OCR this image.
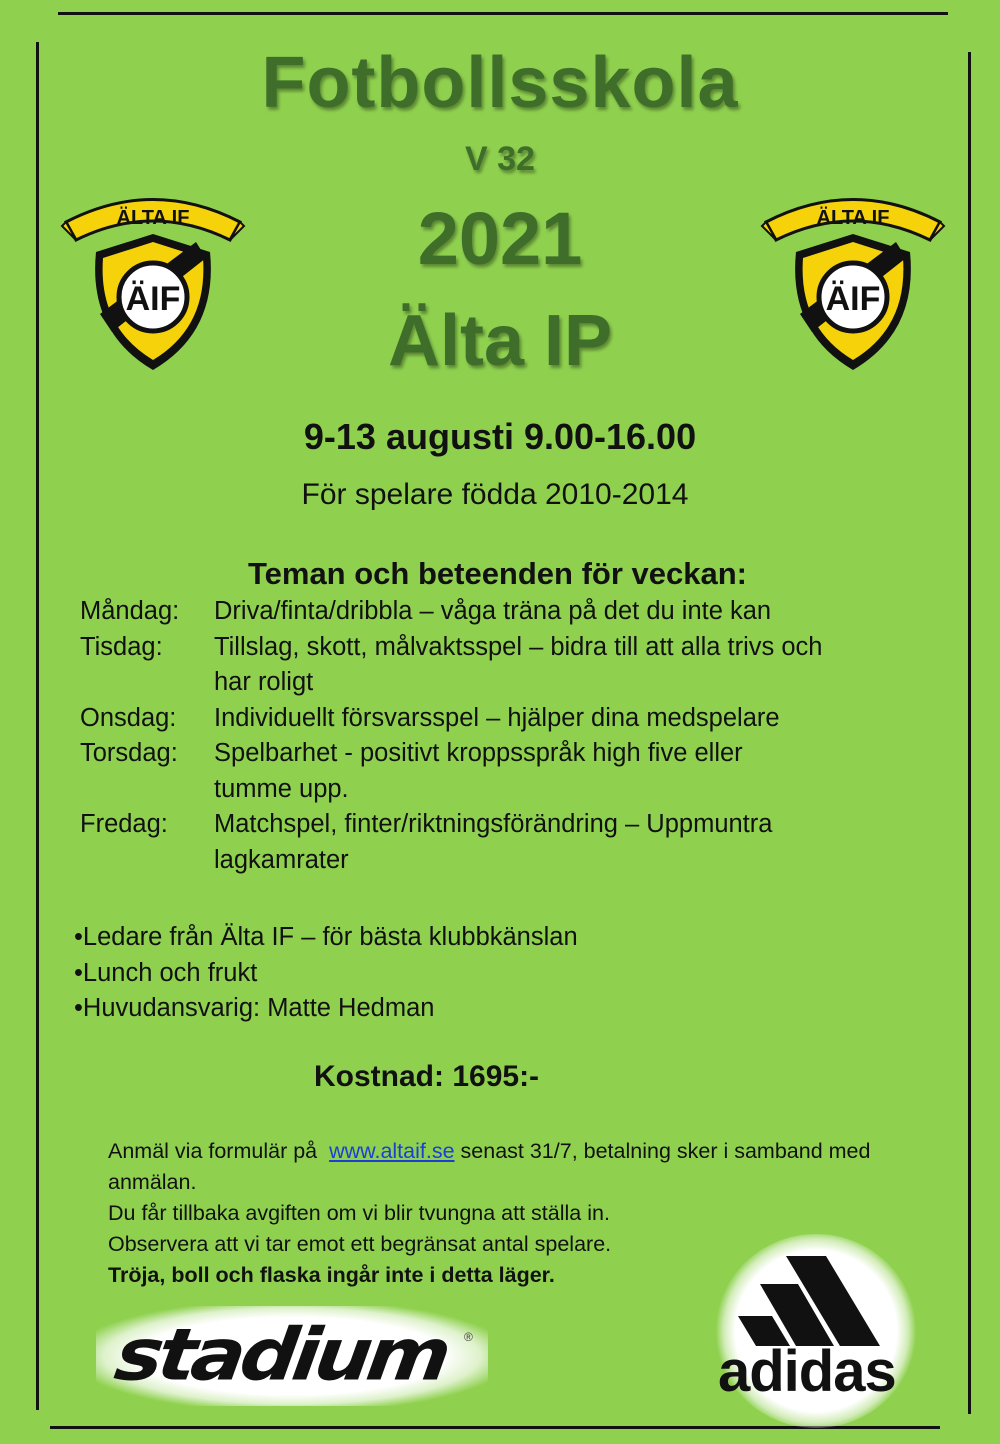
Fotbollsskola
V 32
2021
Älta IP
ÄIF
ÄLTA IF
ÄIF
ÄLTA IF
9-13 augusti 9.00-16.00
För spelare födda 2010-2014
Teman och beteenden för veckan:
Måndag:	Driva/finta/dribbla – våga träna på det du inte kan
Tisdag:	Tillslag, skott, målvaktsspel – bidra till att alla trivs och har roligt
Onsdag:	Individuellt försvarsspel – hjälper dina medspelare
Torsdag:	Spelbarhet - positivt kroppsspråk high five eller tumme upp.
Fredag:	Matchspel, finter/riktningsförändring – Uppmuntra lagkamrater
•Ledare från Älta IF – för bästa klubbkänslan
•Lunch och frukt
•Huvudansvarig: Matte Hedman
Kostnad: 1695:-
Anmäl via formulär på www.altaif.se senast 31/7, betalning sker i samband med anmälan.
Du får tillbaka avgiften om vi blir tvungna att ställa in.
Observera att vi tar emot ett begränsat antal spelare.
Tröja, boll och flaska ingår inte i detta läger.
stadium ®
adidas
